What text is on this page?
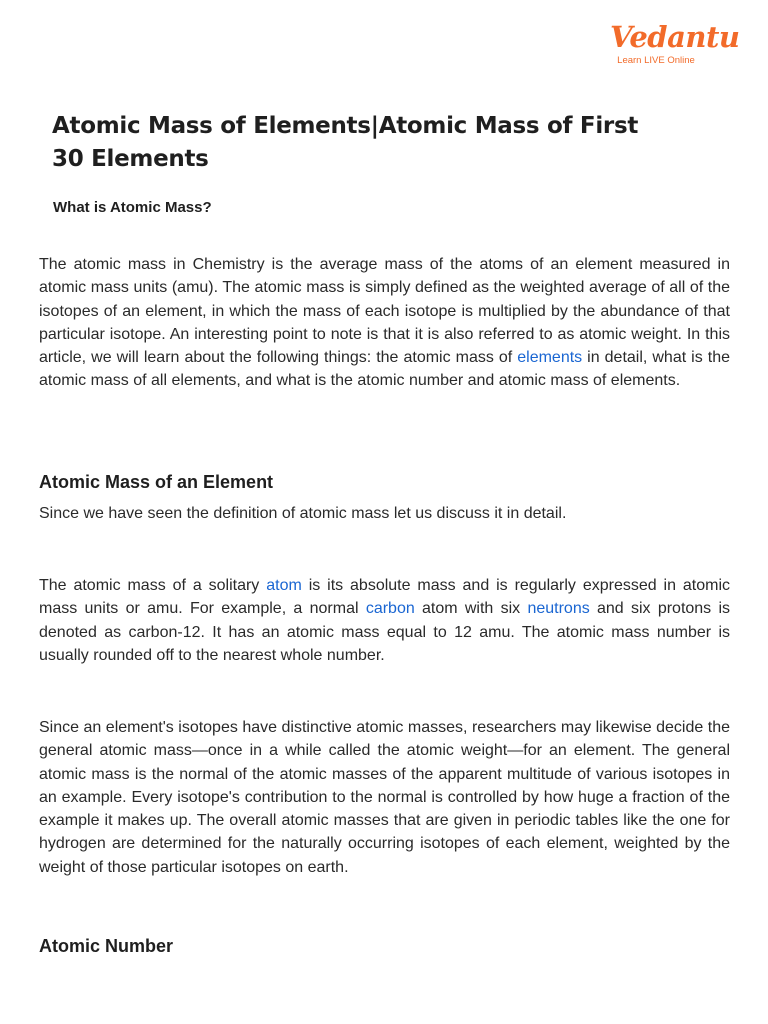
Vedantu
Learn LIVE Online
Atomic Mass of Elements|Atomic Mass of First 30 Elements
What is Atomic Mass?

The atomic mass in Chemistry is the average mass of the atoms of an element measured in atomic mass units (amu). The atomic mass is simply defined as the weighted average of all of the isotopes of an element, in which the mass of each isotope is multiplied by the abundance of that particular isotope. An interesting point to note is that it is also referred to as atomic weight. In this article, we will learn about the following things: the atomic mass of elements in detail, what is the atomic mass of all elements, and what is the atomic number and atomic mass of elements.

Atomic Mass of an Element

Since we have seen the definition of atomic mass let us discuss it in detail.

The atomic mass of a solitary atom is its absolute mass and is regularly expressed in atomic mass units or amu. For example, a normal carbon atom with six neutrons and six protons is denoted as carbon-12. It has an atomic mass equal to 12 amu. The atomic mass number is usually rounded off to the nearest whole number.

Since an element's isotopes have distinctive atomic masses, researchers may likewise decide the general atomic mass—once in a while called the atomic weight—for an element. The general atomic mass is the normal of the atomic masses of the apparent multitude of various isotopes in an example. Every isotope's contribution to the normal is controlled by how huge a fraction of the example it makes up. The overall atomic masses that are given in periodic tables like the one for hydrogen are determined for the naturally occurring isotopes of each element, weighted by the weight of those particular isotopes on earth.

Atomic Number
